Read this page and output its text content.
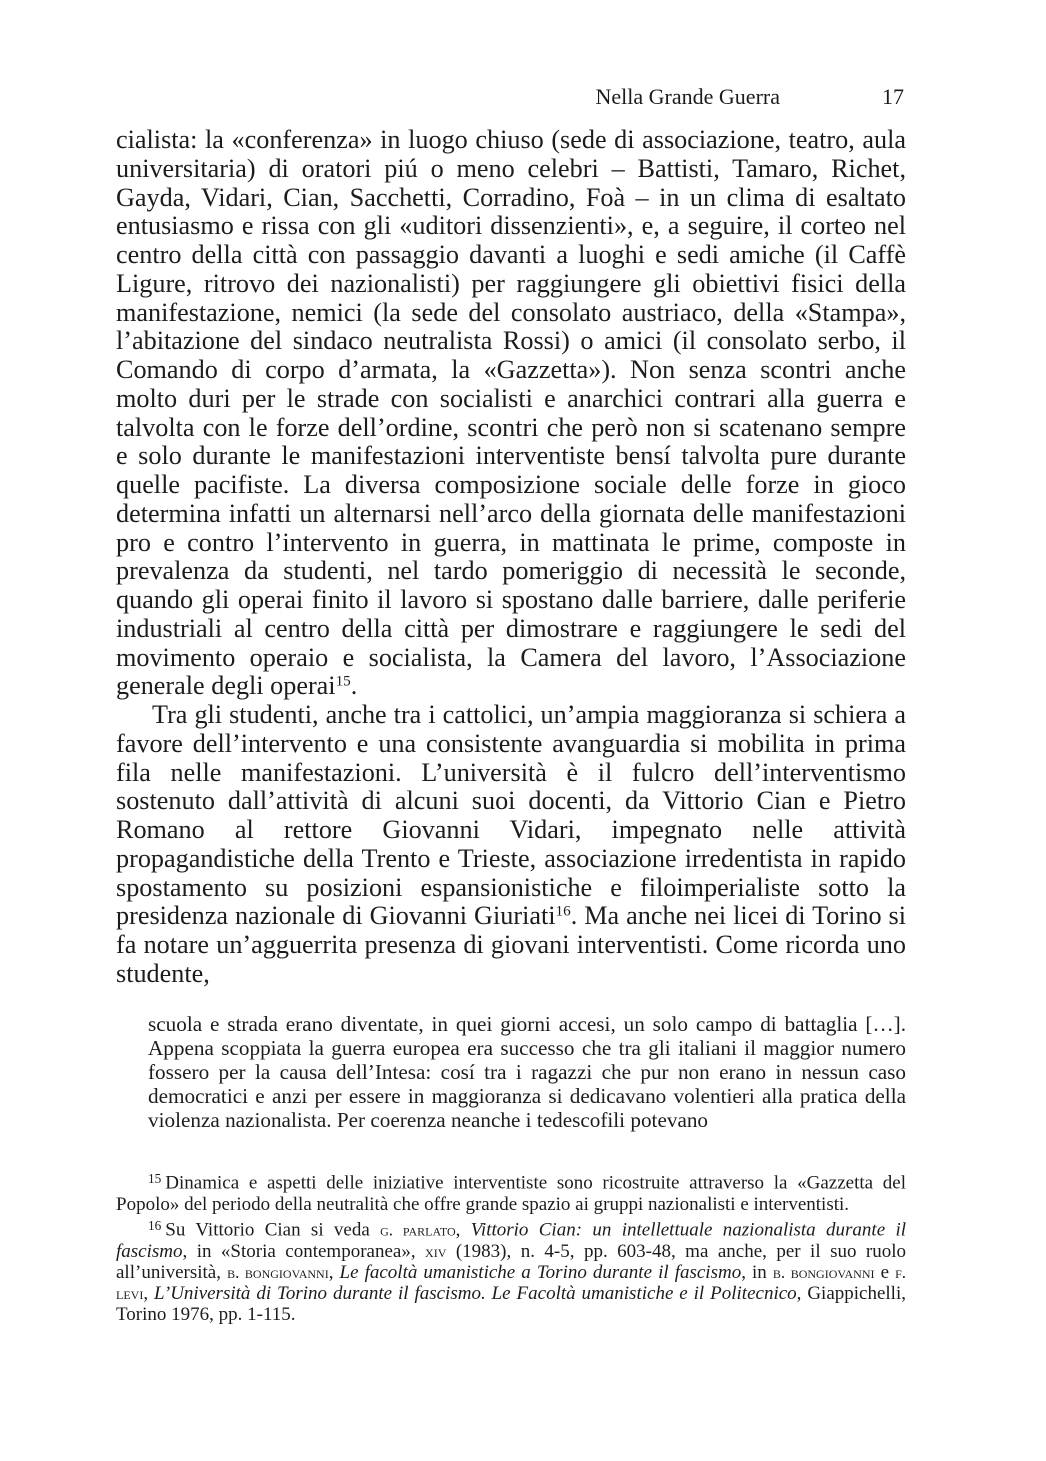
Nella Grande Guerra	17

cialista: la «conferenza» in luogo chiuso (sede di associazione, teatro, aula universitaria) di oratori piú o meno celebri – Battisti, Tamaro, Richet, Gayda, Vidari, Cian, Sacchetti, Corradino, Foà – in un clima di esaltato entusiasmo e rissa con gli «uditori dissenzienti», e, a seguire, il corteo nel centro della città con passaggio davanti a luoghi e sedi amiche (il Caffè Ligure, ritrovo dei nazionalisti) per raggiungere gli obiettivi fisici della manifestazione, nemici (la sede del consolato austriaco, della «Stampa», l’abitazione del sindaco neutralista Rossi) o amici (il consolato serbo, il Comando di corpo d’armata, la «Gazzetta»). Non senza scontri anche molto duri per le strade con socialisti e anarchici contrari alla guerra e talvolta con le forze dell’ordine, scontri che però non si scatenano sempre e solo durante le manifestazioni interventiste bensí talvolta pure durante quelle pacifiste. La diversa composizione sociale delle forze in gioco determina infatti un alternarsi nell’arco della giornata delle manifestazioni pro e contro l’intervento in guerra, in mattinata le prime, composte in prevalenza da studenti, nel tardo pomeriggio di necessità le seconde, quando gli operai finito il lavoro si spostano dalle barriere, dalle periferie industriali al centro della città per dimostrare e raggiungere le sedi del movimento operaio e socialista, la Camera del lavoro, l’Associazione generale degli operai$^{15}$.

Tra gli studenti, anche tra i cattolici, un’ampia maggioranza si schiera a favore dell’intervento e una consistente avanguardia si mobilita in prima fila nelle manifestazioni. L’università è il fulcro dell’interventismo sostenuto dall’attività di alcuni suoi docenti, da Vittorio Cian e Pietro Romano al rettore Giovanni Vidari, impegnato nelle attività propagandistiche della Trento e Trieste, associazione irredentista in rapido spostamento su posizioni espansionistiche e filoimperialiste sotto la presidenza nazionale di Giovanni Giuriati$^{16}$. Ma anche nei licei di Torino si fa notare un’agguerrita presenza di giovani interventisti. Come ricorda uno studente,

scuola e strada erano diventate, in quei giorni accesi, un solo campo di battaglia […]. Appena scoppiata la guerra europea era successo che tra gli italiani il maggior numero fossero per la causa dell’Intesa: cosí tra i ragazzi che pur non erano in nessun caso democratici e anzi per essere in maggioranza si dedicavano volentieri alla pratica della violenza nazionalista. Per coerenza neanche i tedescofili potevano

$^{15}$ Dinamica e aspetti delle iniziative interventiste sono ricostruite attraverso la «Gazzetta del Popolo» del periodo della neutralità che offre grande spazio ai gruppi nazionalisti e interventisti.

$^{16}$ Su Vittorio Cian si veda g. parlato, Vittorio Cian: un intellettuale nazionalista durante il fascismo, in «Storia contemporanea», xiv (1983), n. 4-5, pp. 603-48, ma anche, per il suo ruolo all’università, b. bongiovanni, Le facoltà umanistiche a Torino durante il fascismo, in b. bongiovanni e f. levi, L’Università di Torino durante il fascismo. Le Facoltà umanistiche e il Politecnico, Giappichelli, Torino 1976, pp. 1-115.
